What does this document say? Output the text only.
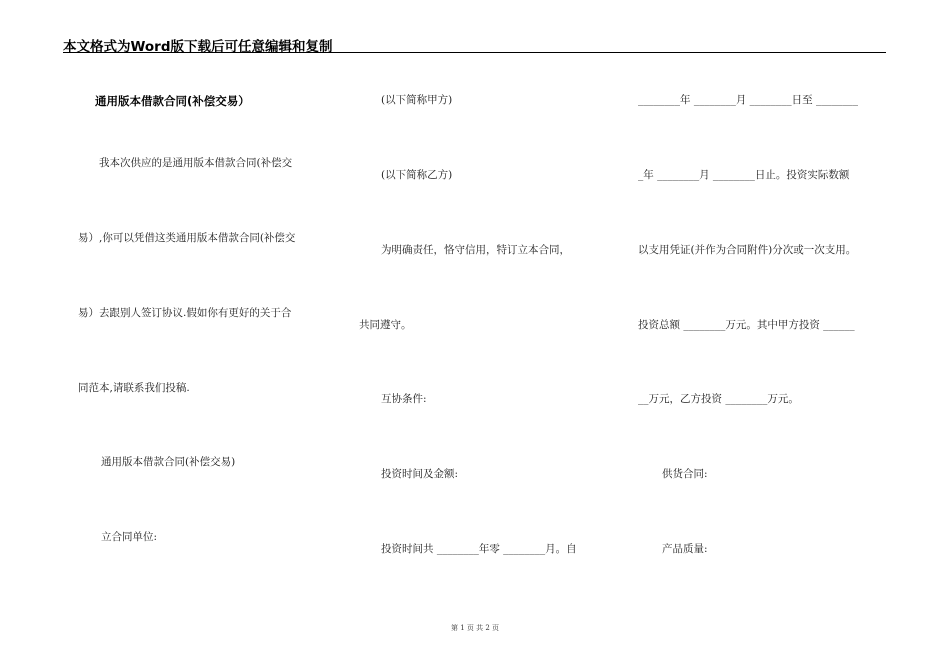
本文格式为Word版下载后可任意编辑和复制
通用版本借款合同(补偿交易）
我本次供应的是通用版本借款合同(补偿交
易）,你可以凭借这类通用版本借款合同(补偿交
易）去跟别人签订协议.假如你有更好的关于合
同范本,请联系我们投稿.
通用版本借款合同(补偿交易)
立合同单位:
(以下简称甲方)
(以下简称乙方)
为明确责任，恪守信用，特订立本合同，
共同遵守。
互协条件:
投资时间及金额:
投资时间共 ________年零 ________月。自
________年 ________月 ________日至 ________
_年 ________月 ________日止。投资实际数额
以支用凭证(并作为合同附件)分次或一次支用。
投资总额 ________万元。其中甲方投资 ______
__万元，乙方投资 ________万元。
供货合同:
产品质量:
第 1 页 共 2 页
